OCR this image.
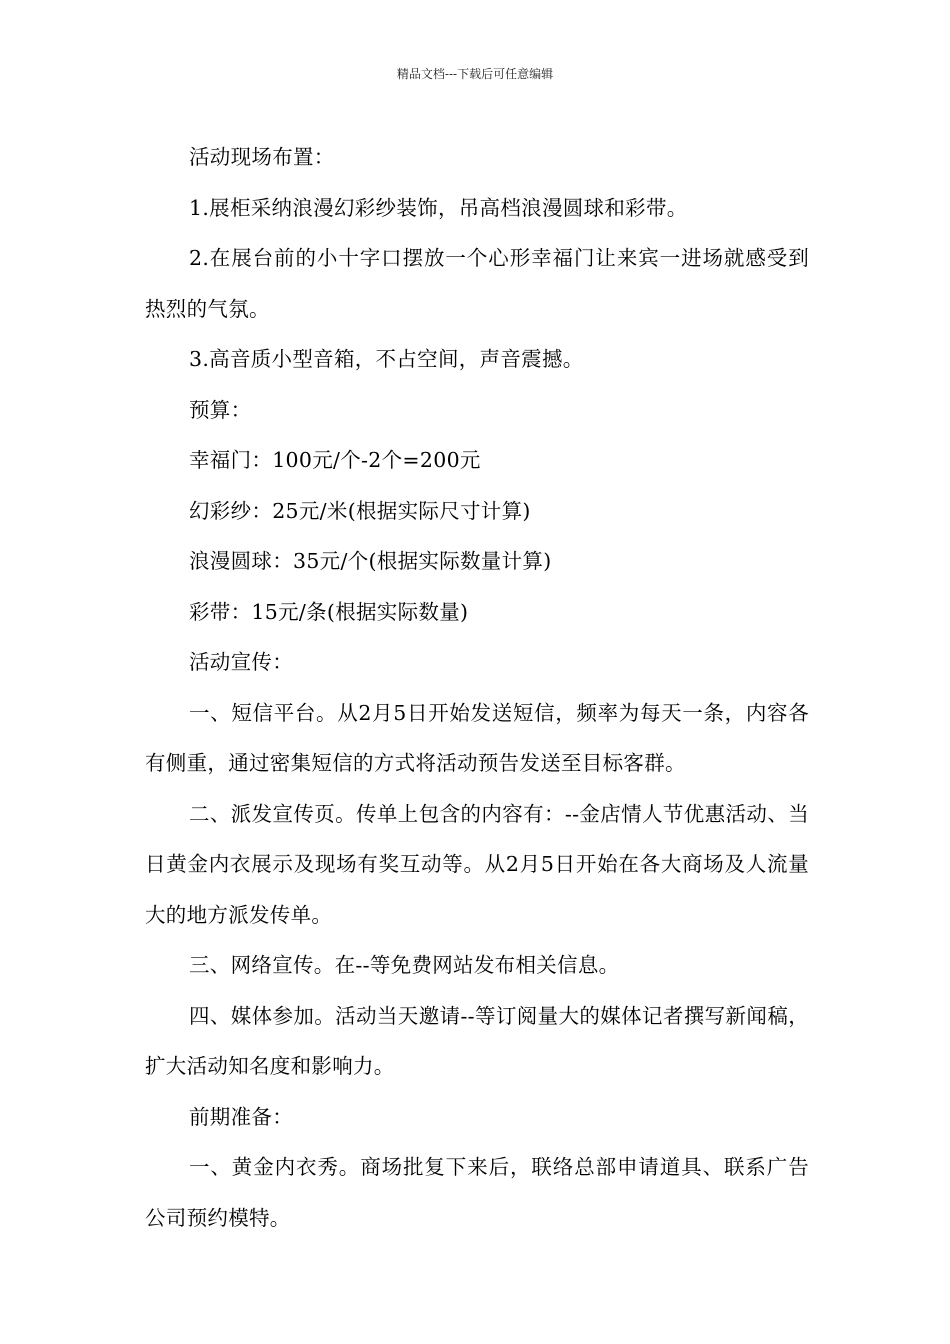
精品文档---下载后可任意编辑

活动现场布置：

1.展柜采纳浪漫幻彩纱装饰，吊高档浪漫圆球和彩带。

2.在展台前的小十字口摆放一个心形幸福门让来宾一进场就感受到热烈的气氛。

3.高音质小型音箱，不占空间，声音震撼。

预算：

幸福门：100元/个-2个=200元

幻彩纱：25元/米(根据实际尺寸计算)

浪漫圆球：35元/个(根据实际数量计算)

彩带：15元/条(根据实际数量)

活动宣传：

一、短信平台。从2月5日开始发送短信，频率为每天一条，内容各有侧重，通过密集短信的方式将活动预告发送至目标客群。

二、派发宣传页。传单上包含的内容有：--金店情人节优惠活动、当日黄金内衣展示及现场有奖互动等。从2月5日开始在各大商场及人流量大的地方派发传单。

三、网络宣传。在--等免费网站发布相关信息。

四、媒体参加。活动当天邀请--等订阅量大的媒体记者撰写新闻稿，扩大活动知名度和影响力。

前期准备：

一、黄金内衣秀。商场批复下来后，联络总部申请道具、联系广告公司预约模特。
